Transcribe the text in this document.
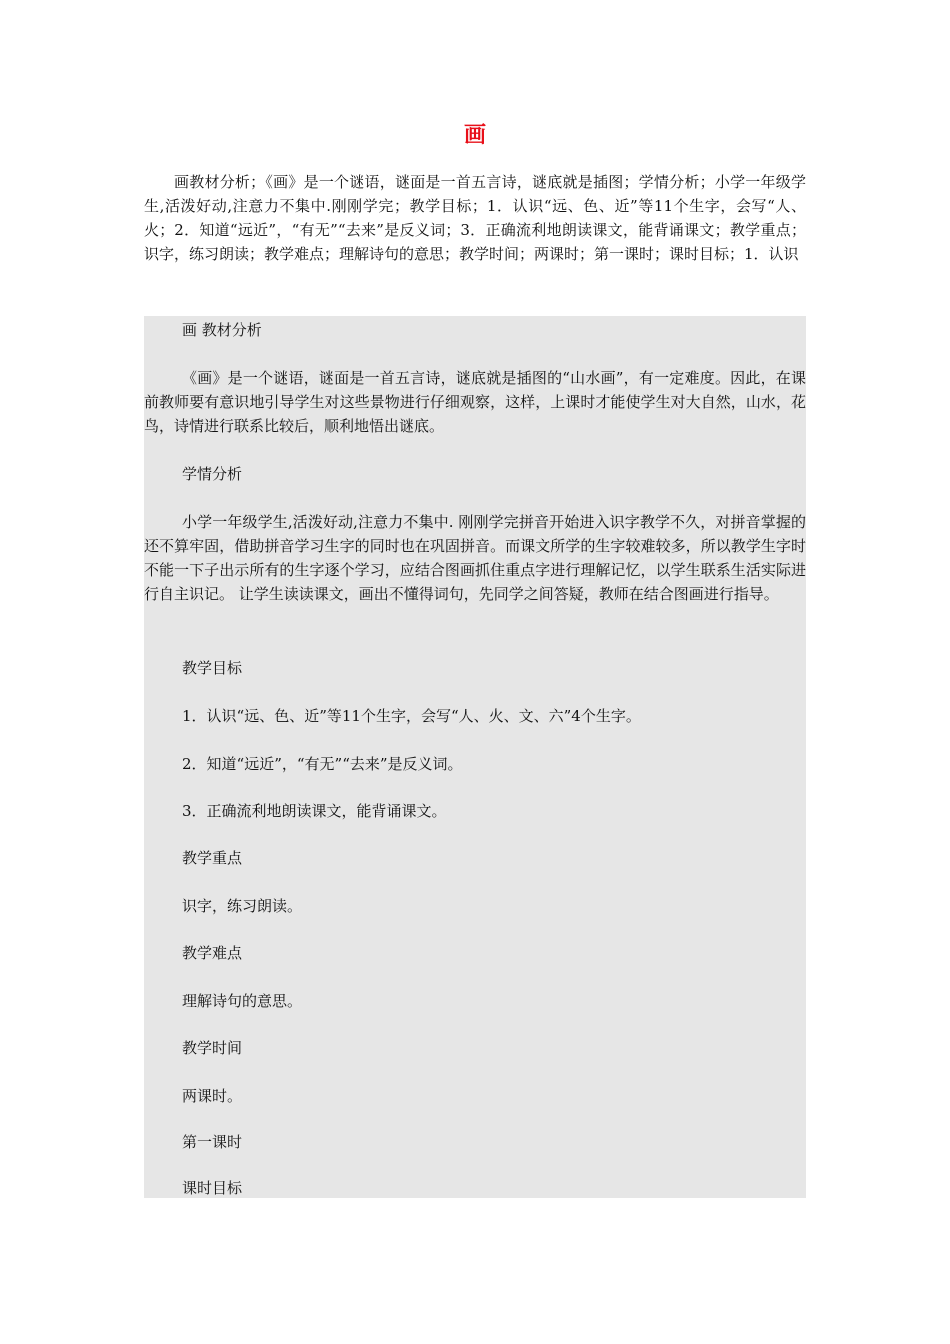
画

画教材分析；《画》是一个谜语，谜面是一首五言诗，谜底就是插图；学情分析；小学一年级学生,活泼好动,注意力不集中.刚刚学完；教学目标；1．认识“远、色、近”等11个生字，会写“人、火；2．知道“远近”，“有无”“去来”是反义词；3．正确流利地朗读课文，能背诵课文；教学重点；识字，练习朗读；教学难点；理解诗句的意思；教学时间；两课时；第一课时；课时目标；1．认识

画 教材分析

《画》是一个谜语，谜面是一首五言诗，谜底就是插图的“山水画”，有一定难度。因此，在课前教师要有意识地引导学生对这些景物进行仔细观察，这样，上课时才能使学生对大自然，山水，花鸟，诗情进行联系比较后，顺利地悟出谜底。

学情分析

小学一年级学生,活泼好动,注意力不集中. 刚刚学完拼音开始进入识字教学不久，对拼音掌握的还不算牢固，借助拼音学习生字的同时也在巩固拼音。而课文所学的生字较难较多，所以教学生字时不能一下子出示所有的生字逐个学习，应结合图画抓住重点字进行理解记忆，以学生联系生活实际进行自主识记。 让学生读读课文，画出不懂得词句，先同学之间答疑，教师在结合图画进行指导。

教学目标

1．认识“远、色、近”等11个生字，会写“人、火、文、六”4个生字。

2．知道“远近”，“有无”“去来”是反义词。

3．正确流利地朗读课文，能背诵课文。

教学重点

识字，练习朗读。

教学难点

理解诗句的意思。

教学时间

两课时。

第一课时

课时目标
